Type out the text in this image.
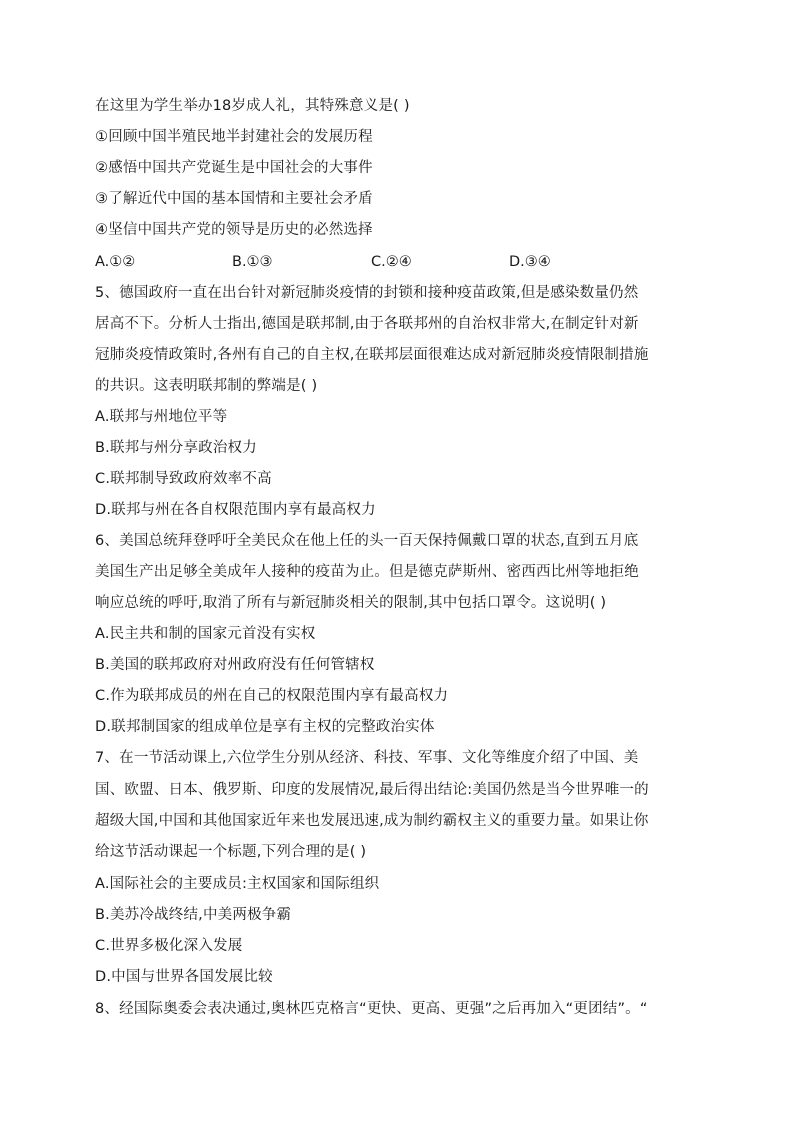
在这里为学生举办18岁成人礼，其特殊意义是( )
①回顾中国半殖民地半封建社会的发展历程
②感悟中国共产党诞生是中国社会的大事件
③了解近代中国的基本国情和主要社会矛盾
④坚信中国共产党的领导是历史的必然选择
A.①②	B.①③	C.②④	D.③④
5、德国政府一直在出台针对新冠肺炎疫情的封锁和接种疫苗政策,但是感染数量仍然
居高不下。分析人士指出,德国是联邦制,由于各联邦州的自治权非常大,在制定针对新
冠肺炎疫情政策时,各州有自己的自主权,在联邦层面很难达成对新冠肺炎疫情限制措施
的共识。这表明联邦制的弊端是( )
A.联邦与州地位平等
B.联邦与州分享政治权力
C.联邦制导致政府效率不高
D.联邦与州在各自权限范围内享有最高权力
6、美国总统拜登呼吁全美民众在他上任的头一百天保持佩戴口罩的状态,直到五月底
美国生产出足够全美成年人接种的疫苗为止。但是德克萨斯州、密西西比州等地拒绝
响应总统的呼吁,取消了所有与新冠肺炎相关的限制,其中包括口罩令。这说明( )
A.民主共和制的国家元首没有实权
B.美国的联邦政府对州政府没有任何管辖权
C.作为联邦成员的州在自己的权限范围内享有最高权力
D.联邦制国家的组成单位是享有主权的完整政治实体
7、在一节活动课上,六位学生分别从经济、科技、军事、文化等维度介绍了中国、美
国、欧盟、日本、俄罗斯、印度的发展情况,最后得出结论:美国仍然是当今世界唯一的
超级大国,中国和其他国家近年来也发展迅速,成为制约霸权主义的重要力量。如果让你
给这节活动课起一个标题,下列合理的是( )
A.国际社会的主要成员:主权国家和国际组织
B.美苏冷战终结,中美两极争霸
C.世界多极化深入发展
D.中国与世界各国发展比较
8、经国际奥委会表决通过,奥林匹克格言“更快、更高、更强”之后再加入“更团结”。“
